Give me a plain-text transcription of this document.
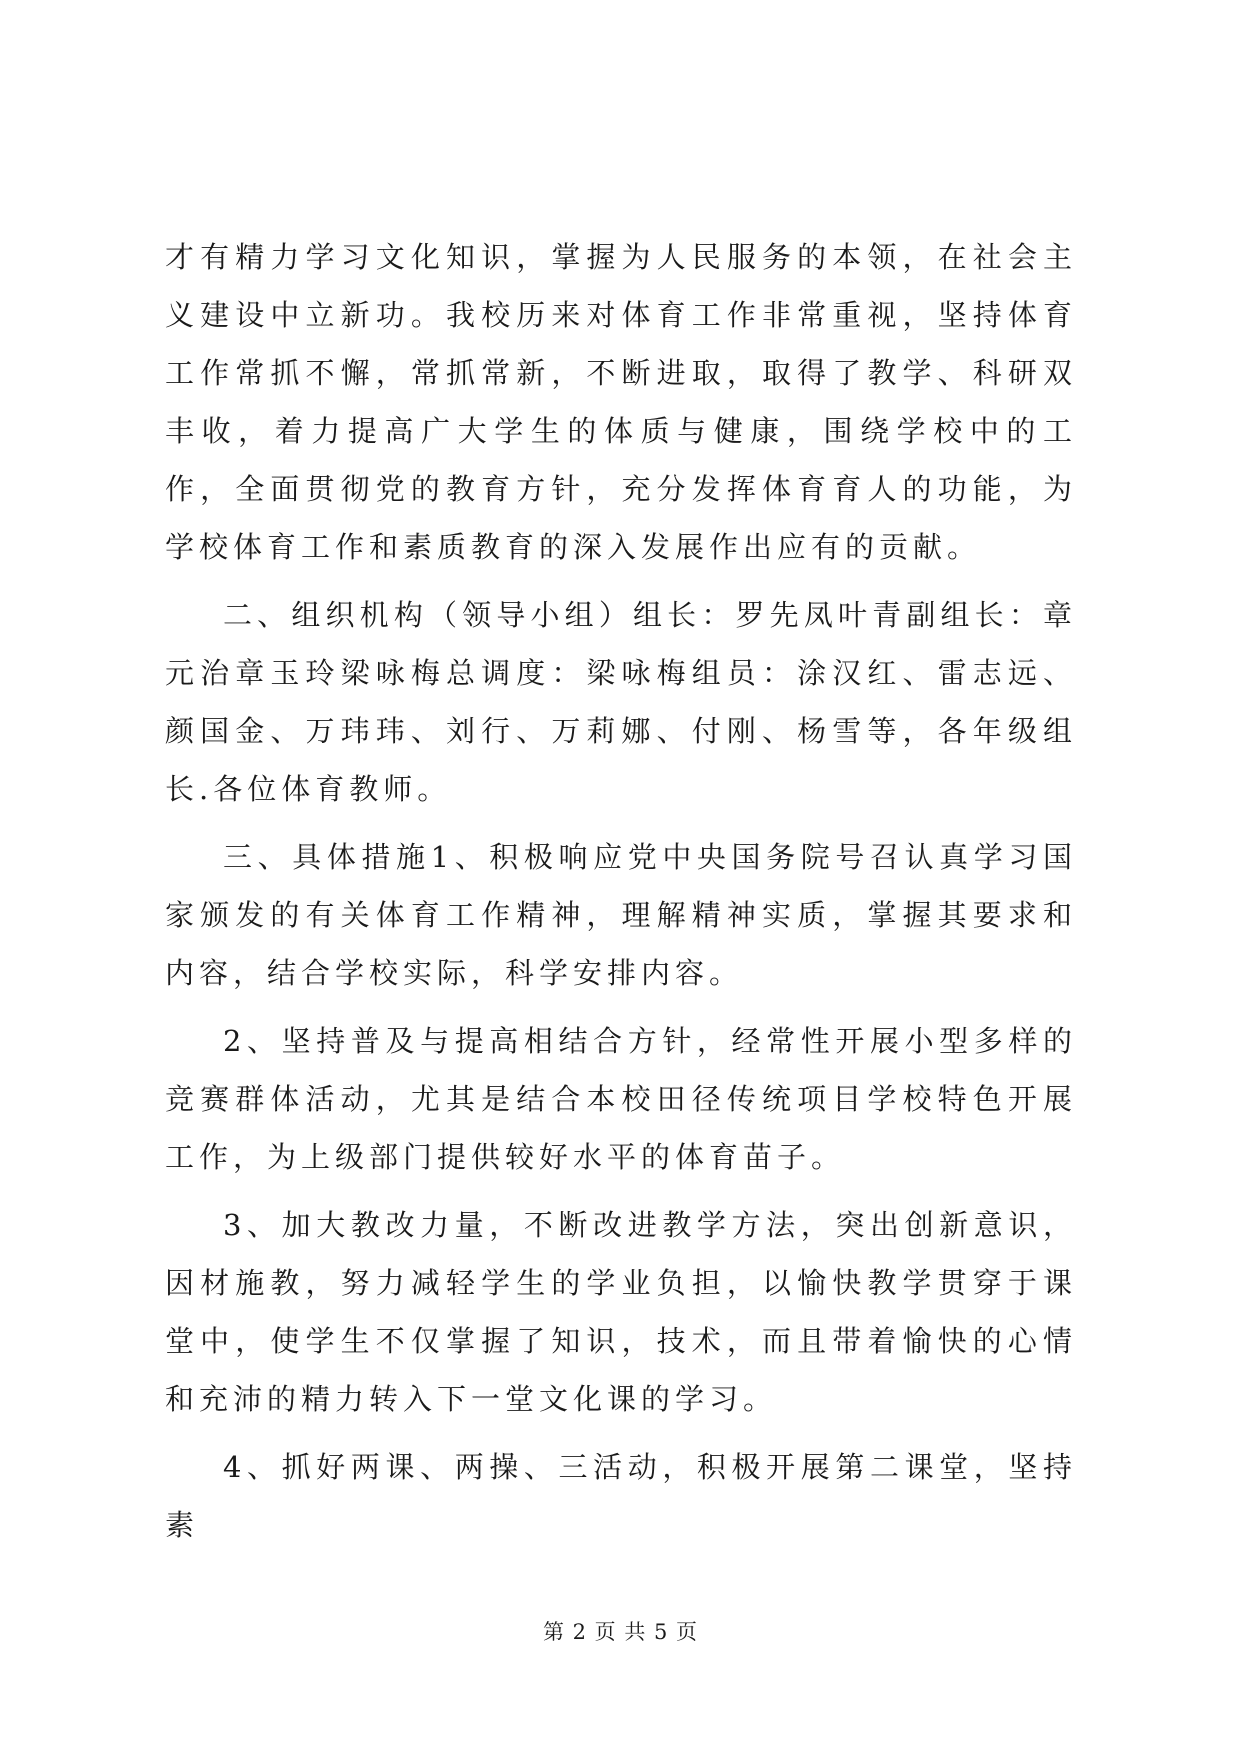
才有精力学习文化知识，掌握为人民服务的本领，在社会主义建设中立新功。我校历来对体育工作非常重视，坚持体育工作常抓不懈，常抓常新，不断进取，取得了教学、科研双丰收，着力提高广大学生的体质与健康，围绕学校中的工作，全面贯彻党的教育方针，充分发挥体育育人的功能，为学校体育工作和素质教育的深入发展作出应有的贡献。

二、组织机构（领导小组）组长：罗先凤叶青副组长：章元治章玉玲梁咏梅总调度：梁咏梅组员：涂汉红、雷志远、颜国金、万玮玮、刘行、万莉娜、付刚、杨雪等，各年级组长.各位体育教师。

三、具体措施1、积极响应党中央国务院号召认真学习国家颁发的有关体育工作精神，理解精神实质，掌握其要求和内容，结合学校实际，科学安排内容。

2、坚持普及与提高相结合方针，经常性开展小型多样的竞赛群体活动，尤其是结合本校田径传统项目学校特色开展工作，为上级部门提供较好水平的体育苗子。

3、加大教改力量，不断改进教学方法，突出创新意识，因材施教，努力减轻学生的学业负担，以愉快教学贯穿于课堂中，使学生不仅掌握了知识，技术，而且带着愉快的心情和充沛的精力转入下一堂文化课的学习。

4、抓好两课、两操、三活动，积极开展第二课堂，坚持素

第 2 页 共 5 页
